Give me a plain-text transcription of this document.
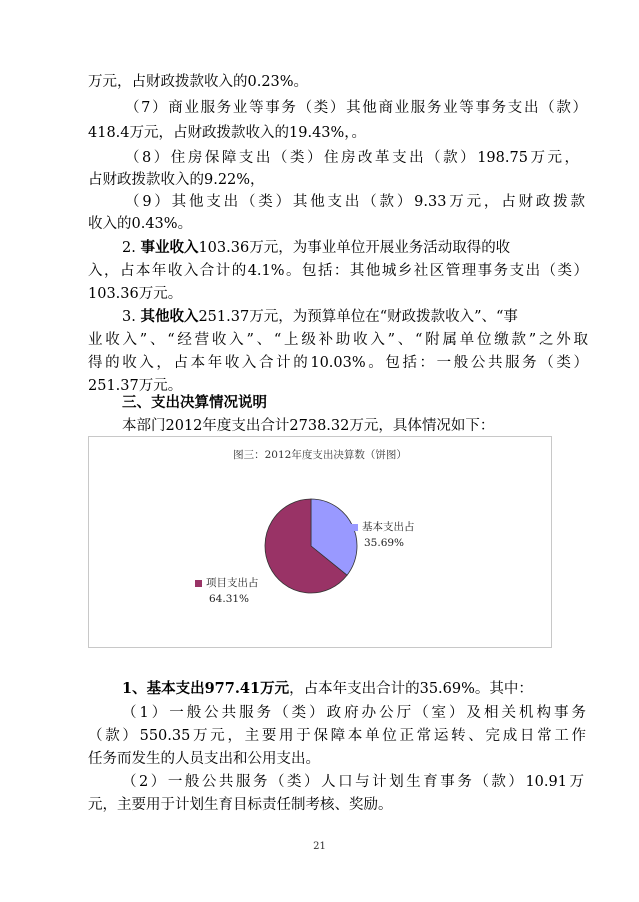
万元，占财政拨款收入的0.23%。
（7）商业服务业等事务（类）其他商业服务业等事务支出（款）
418.4万元，占财政拨款收入的19.43%，。
（8）住房保障支出（类）住房改革支出（款）198.75万元，
占财政拨款收入的9.22%，
（9）其他支出（类）其他支出（款）9.33万元，占财政拨款
收入的0.43%。
2. 事业收入103.36万元，为事业单位开展业务活动取得的收
入，占本年收入合计的4.1%。包括：其他城乡社区管理事务支出（类）
103.36万元。
3. 其他收入251.37万元，为预算单位在“财政拨款收入”、“事
业收入”、“经营收入”、“上级补助收入”、“附属单位缴款”之外取
得的收入，占本年收入合计的10.03%。包括：一般公共服务（类）
251.37万元。
三、支出决算情况说明
本部门2012年度支出合计2738.32万元，具体情况如下：
图三：2012年度支出决算数（饼图）
基本支出占
35.69%
项目支出占
64.31%
1、基本支出977.41万元，占本年支出合计的35.69%。其中：
（1）一般公共服务（类）政府办公厅（室）及相关机构事务
（款）550.35万元，主要用于保障本单位正常运转、完成日常工作
任务而发生的人员支出和公用支出。
（2）一般公共服务（类）人口与计划生育事务（款）10.91万
元，主要用于计划生育目标责任制考核、奖励。
21
